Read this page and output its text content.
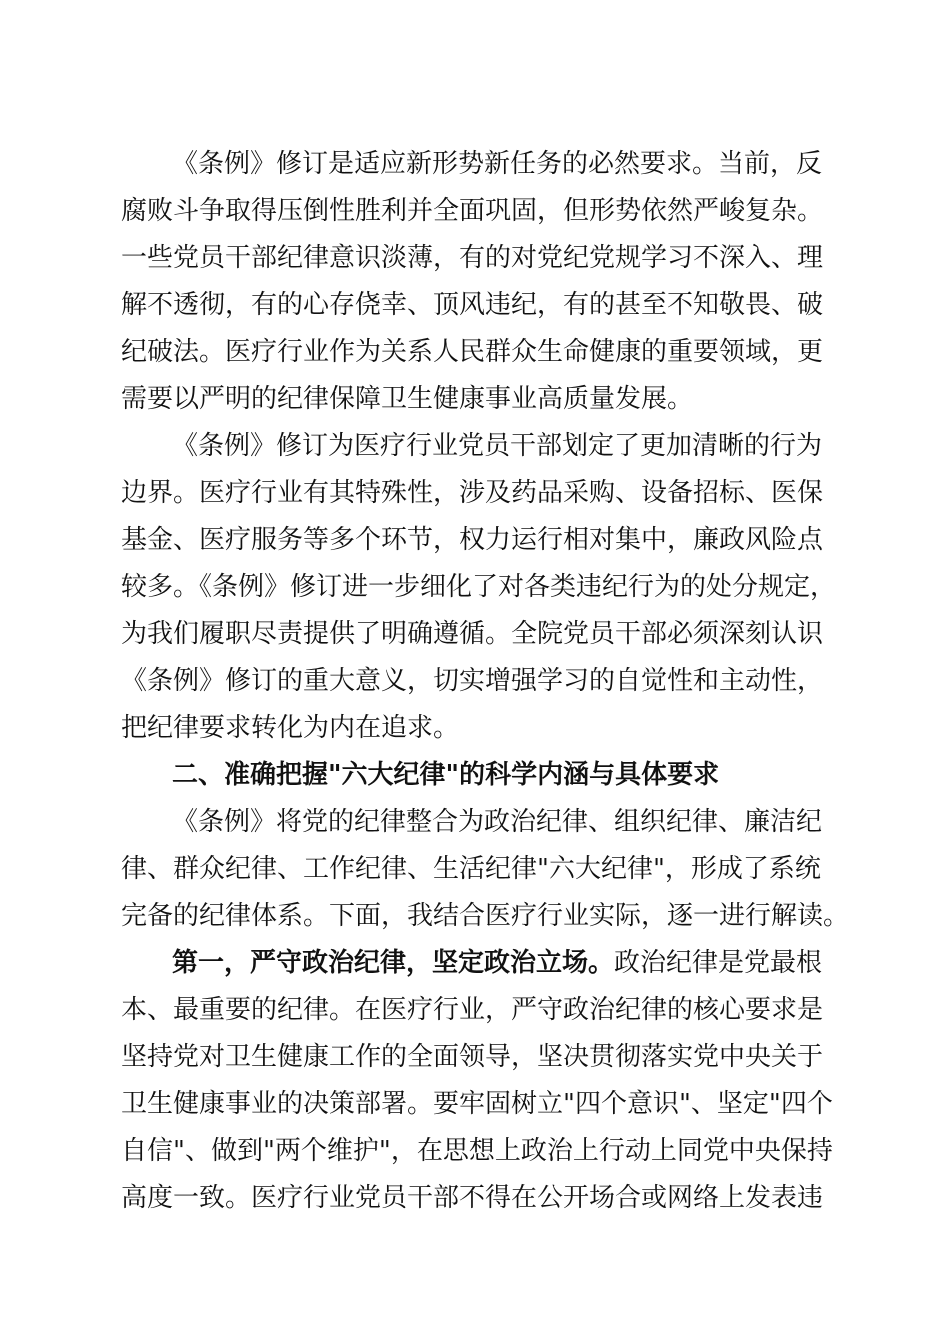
《条例》修订是适应新形势新任务的必然要求。当前，反
腐败斗争取得压倒性胜利并全面巩固，但形势依然严峻复杂。
一些党员干部纪律意识淡薄，有的对党纪党规学习不深入、理
解不透彻，有的心存侥幸、顶风违纪，有的甚至不知敬畏、破
纪破法。医疗行业作为关系人民群众生命健康的重要领域，更
需要以严明的纪律保障卫生健康事业高质量发展。
《条例》修订为医疗行业党员干部划定了更加清晰的行为
边界。医疗行业有其特殊性，涉及药品采购、设备招标、医保
基金、医疗服务等多个环节，权力运行相对集中，廉政风险点
较多。《条例》修订进一步细化了对各类违纪行为的处分规定，
为我们履职尽责提供了明确遵循。全院党员干部必须深刻认识
《条例》修订的重大意义，切实增强学习的自觉性和主动性，
把纪律要求转化为内在追求。
二、准确把握"六大纪律"的科学内涵与具体要求
《条例》将党的纪律整合为政治纪律、组织纪律、廉洁纪
律、群众纪律、工作纪律、生活纪律"六大纪律"，形成了系统
完备的纪律体系。下面，我结合医疗行业实际，逐一进行解读。
第一，严守政治纪律，坚定政治立场。政治纪律是党最根
本、最重要的纪律。在医疗行业，严守政治纪律的核心要求是
坚持党对卫生健康工作的全面领导，坚决贯彻落实党中央关于
卫生健康事业的决策部署。要牢固树立"四个意识"、坚定"四个
自信"、做到"两个维护"，在思想上政治上行动上同党中央保持
高度一致。医疗行业党员干部不得在公开场合或网络上发表违
